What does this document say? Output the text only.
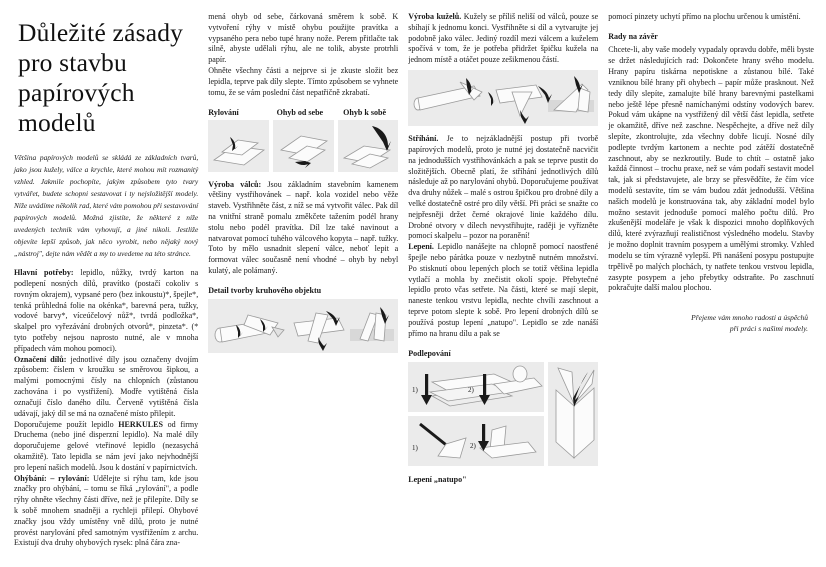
Důležité zásady pro stavbu
papírových modelů

Většina papírových modelů se skládá ze základních tvarů, jako jsou kužely, válce a krychle, které mohou mít rozmanitý vzhled. Jakmile pochopíte, jakým způsobem tyto tvary vytvářet, budete schopni sestavovat i ty nejsložitější modely. Níže uvádíme několik rad, které vám pomohou při sestavování papírových modelů. Možná zjistíte, že některé z níže uvedených technik vám vyhovují, a jiné nikoli. Jestliže objevíte lepší způsob, jak něco vyrobit, nebo nějaký nový „nástroj", dejte nám vědět a my to uvedeme na této stránce.

Hlavní potřeby: lepidlo, nůžky, tvrdý karton na podlepení nosných dílů, pravítko (postačí cokoliv s rovným okrajem), vypsané pero (bez inkoustu)*, špejle*, tenká průhledná folie na okénka*, barevná pera, tužky, vodové barvy*, víceúčelový nůž*, tvrdá podložka*, skalpel pro vyřezávání drobných otvorů*, pinzeta*. (* tyto potřeby nejsou naprosto nutné, ale v mnoha případech vám mohou pomoci).

Označení dílů: jednotlivé díly jsou označeny dvojím způsobem: číslem v kroužku se směrovou šipkou, a malými pomocnými čísly na chlopních (zůstanou zachována i po vystřižení). Modře vytištěná čísla označují číslo daného dílu. Červeně vytištěná čísla udávají, jaký díl se má na označené místo přilepit.

Doporučujeme použít lepidlo HERKULES od firmy Druchema (nebo jiné disperzní lepidlo). Na malé díly doporučujeme gelové vteřinové lepidlo (nezasychá okamžitě). Tato lepidla se nám jeví jako nejvhodnější pro lepení našich modelů. Jsou k dostání v papírnictvích.

Ohýbání: – rylování: Udělejte si rýhu tam, kde jsou značky pro ohýbání, – tomu se říká „rylování", a podle rýhy ohněte všechny části dříve, než je přilepíte. Díly se k sobě mnohem snadněji a rychleji přilepí. Ohybové značky jsou vždy umístěny vně dílů, proto je nutné provést narylování před samotným vystřižením z archu. Existují dva druhy ohybových rysek: plná čára zna-

mená ohyb od sebe, čárkovaná směrem k sobě. K vytvoření rýhy v místě ohybu použijte pravítka a vypsaného pera nebo tupé hrany nože. Perem přitlačte tak silně, abyste udělali rýhu, ale ne tolik, abyste protrhli papír.

Ohněte všechny části a nejprve si je zkuste složit bez lepidla, teprve pak díly slepte. Tímto způsobem se vyhnete tomu, že se vám poslední část nepatřičně zkrabatí.

Rylování	Ohyb od sebe	Ohyb k sobě

Výroba válců: Jsou základním stavebním kamenem většiny vystřihovánek – např. kola vozidel nebo věže staveb. Vystřihněte část, z níž se má vytvořit válec. Pak díl na vnitřní straně pomalu změkčete tažením podél hrany stolu nebo podél pravítka. Díl lze také navinout a natvarovat pomocí tuhého válcového kopyta – např. tužky. Toto by mělo usnadnit slepení válce, neboť lepit a formovat válec současně není vhodné – ohyb by nebyl kulatý, ale polámaný.

Detail tvorby kruhového objektu

Výroba kuželů. Kužely se příliš neliší od válců, pouze se sbíhají k jednomu konci. Vystřihněte si díl a vytvarujte jej podobně jako válec. Jediný rozdíl mezi válcem a kuželem spočívá v tom, že je potřeba přidržet špičku kužela na jednom místě a otáčet pouze zešikmenou částí.

Stříhání. Je to nejzákladnější postup při tvorbě papírových modelů, proto je nutné jej dostatečně nacvičit na jednodušších vystřihovánkách a pak se teprve pustit do složitějších. Obecně platí, že stříhání jednotlivých dílů následuje až po narylování ohybů. Doporučujeme používat dva druhy nůžek – malé s ostrou špičkou pro drobné díly a velké dostatečně ostré pro díly větší. Při práci se snažte co nejpřesněji držet černé okrajové linie každého dílu. Drobné otvory v dílech nevystřihujte, raději je vyřízněte pomocí skalpelu – pozor na poranění!

Lepení. Lepidlo nanášejte na chlopně pomocí naostřené špejle nebo párátka pouze v nezbytně nutném množství. Po stisknutí obou lepených ploch se totiž většina lepidla vytlačí a mohla by znečistit okolí spoje. Přebytečné lepidlo proto včas setřete. Na části, které se mají slepit, naneste tenkou vrstvu lepidla, nechte chvíli zaschnout a teprve potom slepte k sobě. Pro lepení drobných dílů se používá postup lepení „natupo". Lepidlo se zde nanáší přímo na hranu dílu a pak se

Podlepování
1)	2)
1)	2)
Lepení „natupo"

pomocí pinzety uchytí přímo na plochu určenou k umístění.

Rady na závěr

Chcete-li, aby vaše modely vypadaly opravdu dobře, měli byste se držet následujících rad: Dokončete hrany svého modelu. Hrany papíru tiskárna nepotiskne a zůstanou bílé. Také vzniknou bílé hrany při ohybech – papír může prasknout. Než tedy díly slepíte, zamalujte bílé hrany barevnými pastelkami nebo ještě lépe přesně namíchanými odstíny vodových barev. Pokud vám ukápne na vystřižený díl větší část lepidla, setřete je okamžitě, dříve než zaschne. Nespěchejte, a dříve než díly slepíte, zkontrolujte, zda všechny dobře licují. Nosné díly podlepte tvrdým kartonem a nechte pod zátěží dostatečně zaschnout, aby se nezkroutily. Bude to chtít – ostatně jako každá činnost – trochu praxe, než se vám podaří sestavit model tak, jak si představujete, ale brzy se přesvědčíte, že čím více modelů sestavíte, tím se vám budou zdát jednodušší. Většina našich modelů je konstruována tak, aby základní model bylo možno sestavit jednoduše pomocí malého počtu dílů. Pro zkušenější modeláře je však k dispozici mnoho doplňkových dílů, které zvýrazňují realističnost výsledného modelu. Stavby je možno doplnit travním posypem a umělými stromky. Vzhled modelu se tím výrazně vylepší. Při nanášení posypu postupujte trpělivě po malých plochách, ty natřete tenkou vrstvou lepidla, zasypte posypem a jeho přebytky odstraňte. Po zaschnutí pokračujte další malou plochou.

Přejeme vám mnoho radosti a úspěchů
při práci s našimi modely.
